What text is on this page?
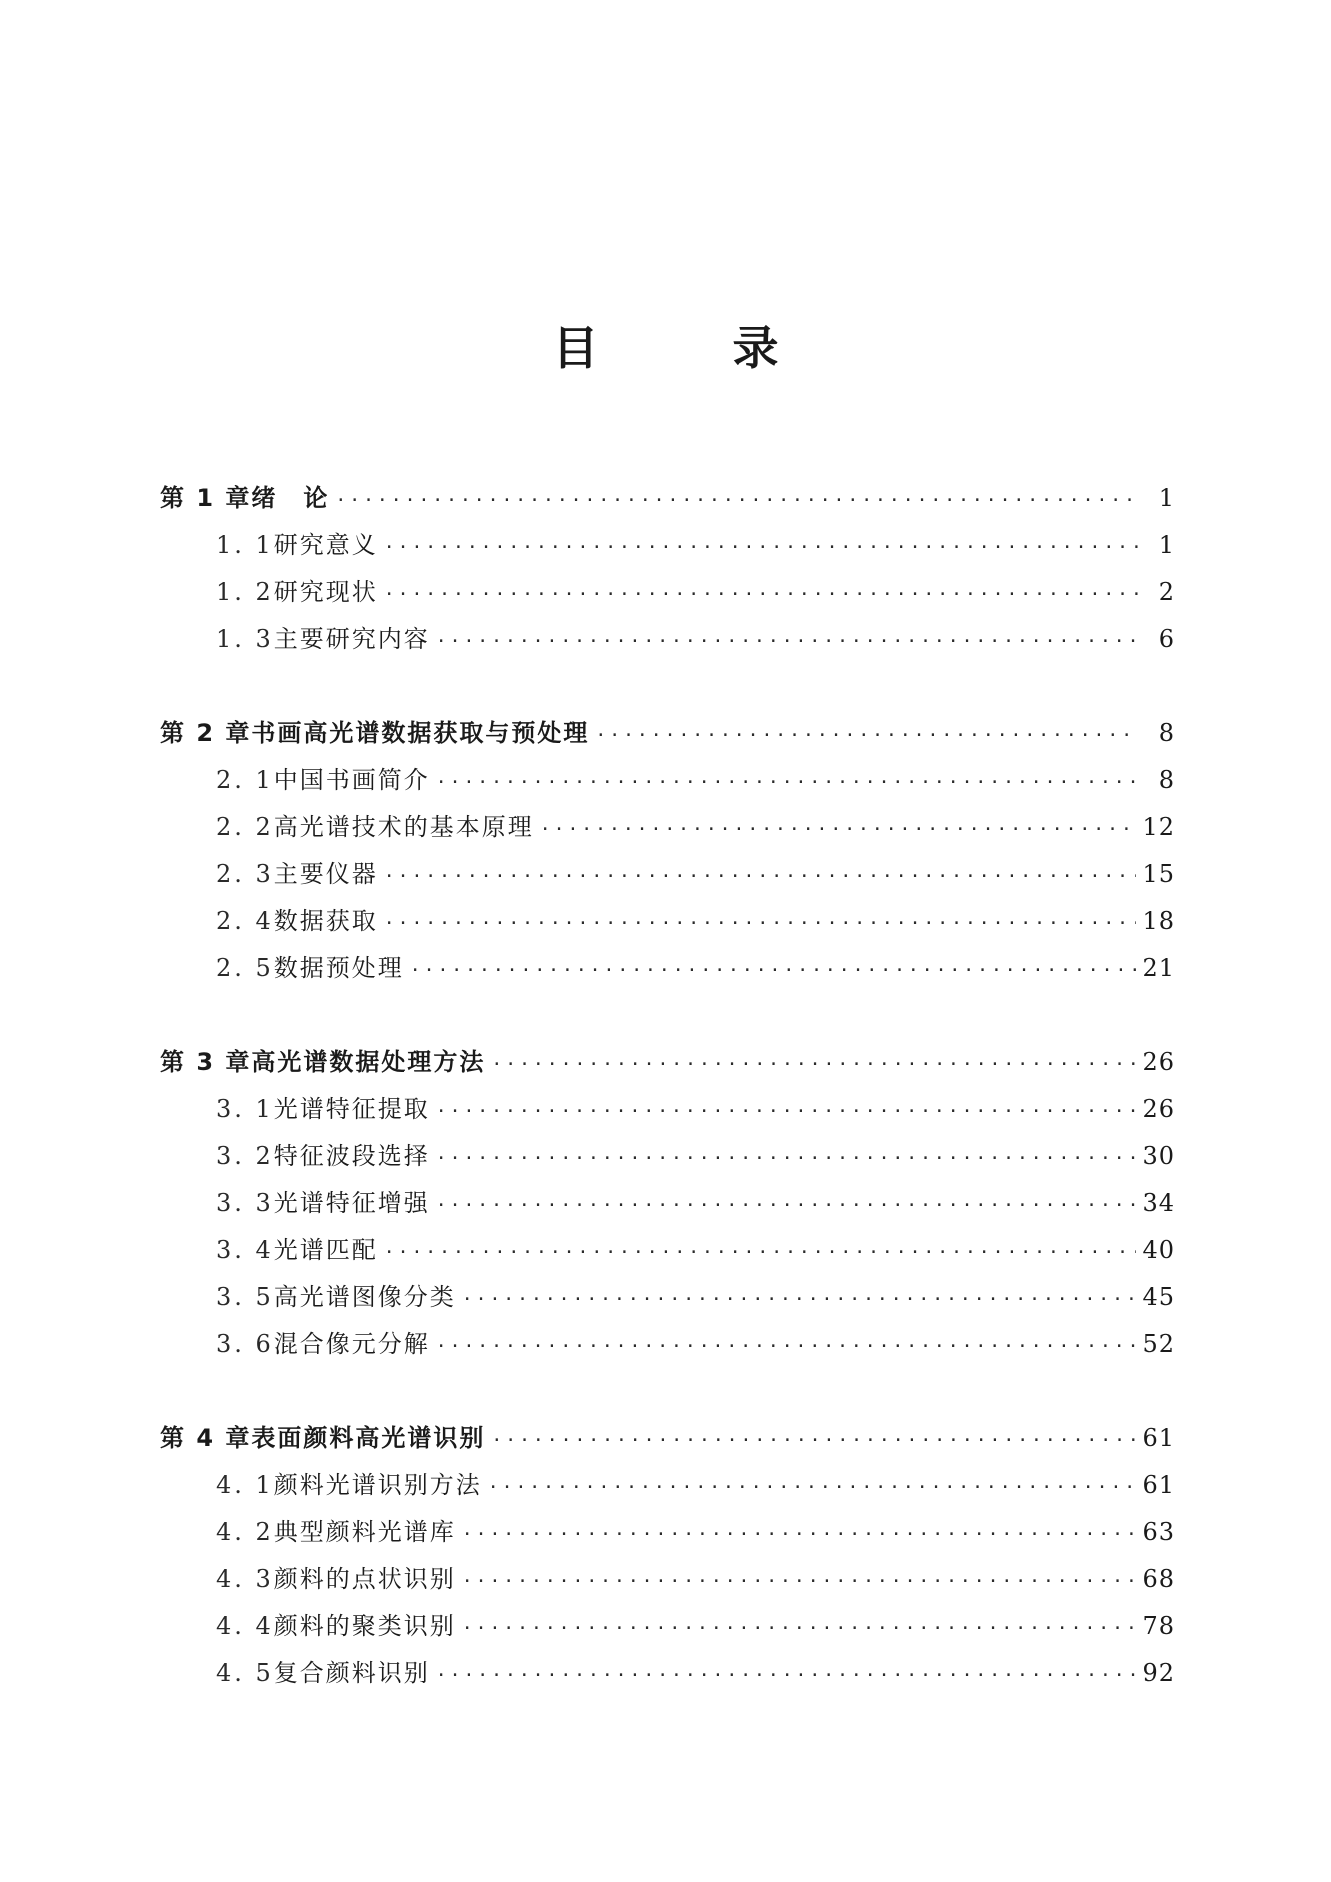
目　录
第 1 章 绪　论 ·····	1
1. 1 研究意义 ·····	1
1. 2 研究现状 ·····	2
1. 3 主要研究内容 ·····	6
第 2 章 书画高光谱数据获取与预处理 ·····	8
2. 1 中国书画简介 ·····	8
2. 2 高光谱技术的基本原理 ·····	12
2. 3 主要仪器 ·····	15
2. 4 数据获取 ·····	18
2. 5 数据预处理 ·····	21
第 3 章 高光谱数据处理方法 ·····	26
3. 1 光谱特征提取 ·····	26
3. 2 特征波段选择 ·····	30
3. 3 光谱特征增强 ·····	34
3. 4 光谱匹配 ·····	40
3. 5 高光谱图像分类 ·····	45
3. 6 混合像元分解 ·····	52
第 4 章 表面颜料高光谱识别 ·····	61
4. 1 颜料光谱识别方法 ·····	61
4. 2 典型颜料光谱库 ·····	63
4. 3 颜料的点状识别 ·····	68
4. 4 颜料的聚类识别 ·····	78
4. 5 复合颜料识别 ·····	92
